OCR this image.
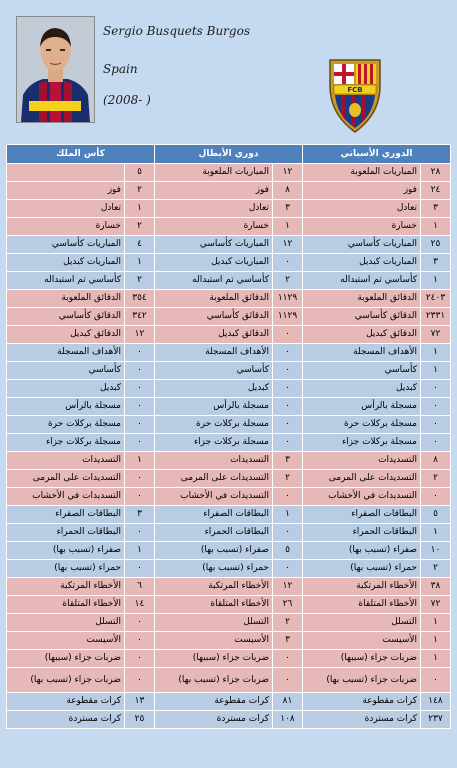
Sergio Busquets Burgos
Spain
(2008- )
FCB
كأس الملك		دوري الأبطال		الدوري الأسباني	
	٥	المباريات الملعوبة	١٢	المباريات الملعوبة	٢٨
فوز	٢	فوز	٨	فوز	٢٤
تعادل	١	تعادل	٣	تعادل	٣
خسارة	٢	خسارة	١	خسارة	١
المباريات كأساسي	٤	المباريات كأساسي	١٢	المباريات كأساسي	٢٥
المباريات كبديل	١	المباريات كبديل	٠	المباريات كبديل	٣
كأساسي تم استبداله	٢	كأساسي تم استبداله	٢	كأساسي تم استبداله	١
الدقائق الملعوبة	٣٥٤	الدقائق الملعوبة	١١٢٩	الدقائق الملعوبة	٢٤٠٣
الدقائق كأساسي	٣٤٢	الدقائق كأساسي	١١٢٩	الدقائق كأساسي	٢٣٣١
الدقائق كبديل	١٢	الدقائق كبديل	٠	الدقائق كبديل	٧٢
الأهداف المسجلة	٠	الأهداف المسجلة	٠	الأهداف المسجلة	١
كأساسي	٠	كأساسي	٠	كأساسي	١
كبديل	٠	كبديل	٠	كبديل	٠
مسجلة بالرأس	٠	مسجلة بالرأس	٠	مسجلة بالرأس	٠
مسجلة بركلات حرة	٠	مسجلة بركلات حرة	٠	مسجلة بركلات حرة	٠
مسجلة بركلات جزاء	٠	مسجلة بركلات جزاء	٠	مسجلة بركلات جزاء	٠
التسديدات	١	التسديدات	٣	التسديدات	٨
التسديدات على المرمى	٠	التسديدات على المرمى	٢	التسديدات على المرمى	٢
التسديدات في الأخشاب	٠	التسديدات في الأخشاب	٠	التسديدات في الأخشاب	٠
البطاقات الصفراء	٣	البطاقات الصفراء	١	البطاقات الصفراء	٥
البطاقات الحمراء	٠	البطاقات الحمراء	٠	البطاقات الحمراء	١
صفراء (تسبب بها)	١	صفراء (تسبب بها)	٥	صفراء (تسبب بها)	١٠
حمراء (تسبب بها)	٠	حمراء (تسبب بها)	٠	حمراء (تسبب بها)	٢
الأخطاء المرتكبة	٦	الأخطاء المرتكبة	١٢	الأخطاء المرتكبة	٣٨
الأخطاء المتلقاة	١٤	الأخطاء المتلقاة	٢٦	الأخطاء المتلقاة	٧٢
التسلل	٠	التسلل	٢	التسلل	١
الأسيست	٠	الأسيست	٣	الأسيست	١
ضربات جزاء (سببها)	٠	ضربات جزاء (سببها)	٠	ضربات جزاء (سببها)	١
ضربات جزاء (تسبب بها)	٠	ضربات جزاء (تسبب بها)	٠	ضربات جزاء (تسبب بها)	٠
كرات مقطوعة	١٣	كرات مقطوعة	٨١	كرات مقطوعة	١٤٨
كرات مستردة	٢٥	كرات مستردة	١٠٨	كرات مستردة	٢٣٧
